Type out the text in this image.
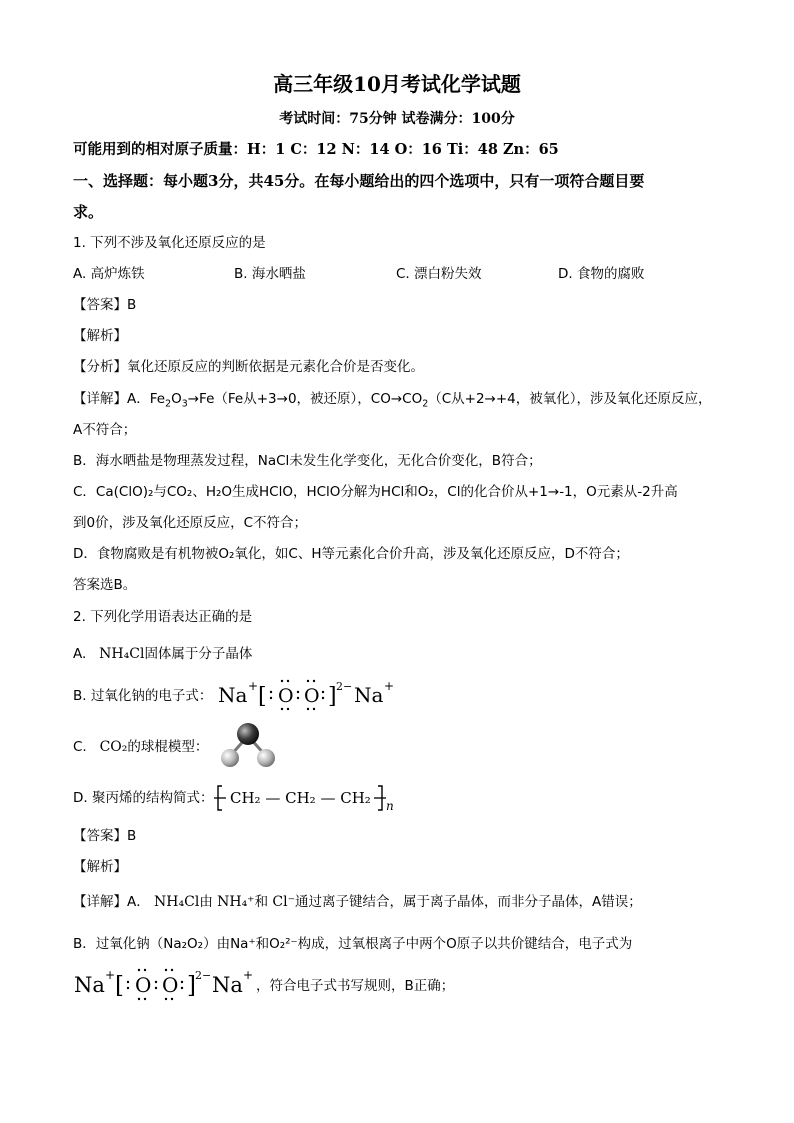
高三年级10月考试化学试题
考试时间：75分钟 试卷满分：100分
可能用到的相对原子质量：H：1 C：12 N：14 O：16 Ti：48 Zn：65
一、选择题：每小题3分，共45分。在每小题给出的四个选项中，只有一项符合题目要
求。
1. 下列不涉及氧化还原反应的是
A. 高炉炼铁	B. 海水晒盐	C. 漂白粉失效	D. 食物的腐败
【答案】B
【解析】
【分析】氧化还原反应的判断依据是元素化合价是否变化。
【详解】A．$Fe_2O_3\to Fe(Fe$从+3→0，被还原），$CO\to CO_2(C$从+2→+4，被氧化），涉及氧化还原反应，
A不符合；
B．海水晒盐是物理蒸发过程，NaCl未发生化学变化，无化合价变化，B符合；
C．Ca(ClO)₂与CO₂、H₂O生成HClO，HClO分解为HCl和O₂，Cl的化合价从+1→-1，O元素从-2升高
到0价，涉及氧化还原反应，C不符合；
D．食物腐败是有机物被O₂氧化，如C、H等元素化合价升高，涉及氧化还原反应，D不符合；
答案选B。
2. 下列化学用语表达正确的是
A. NH₄Cl固体属于分子晶体
B. 过氧化钠的电子式： Na + [ O O ] 2− Na +
C. CO₂的球棍模型：
D. 聚丙烯的结构简式： CH₂ — CH₂ — CH₂ n
【答案】B
【解析】
【详解】A． NH₄Cl由 NH₄⁺和 Cl⁻通过离子键结合，属于离子晶体，而非分子晶体，A错误；
B．过氧化钠（Na₂O₂）由Na⁺和O₂²⁻构成，过氧根离子中两个O原子以共价键结合，电子式为
Na + [ O O ] 2− Na +
，符合电子式书写规则，B正确；
